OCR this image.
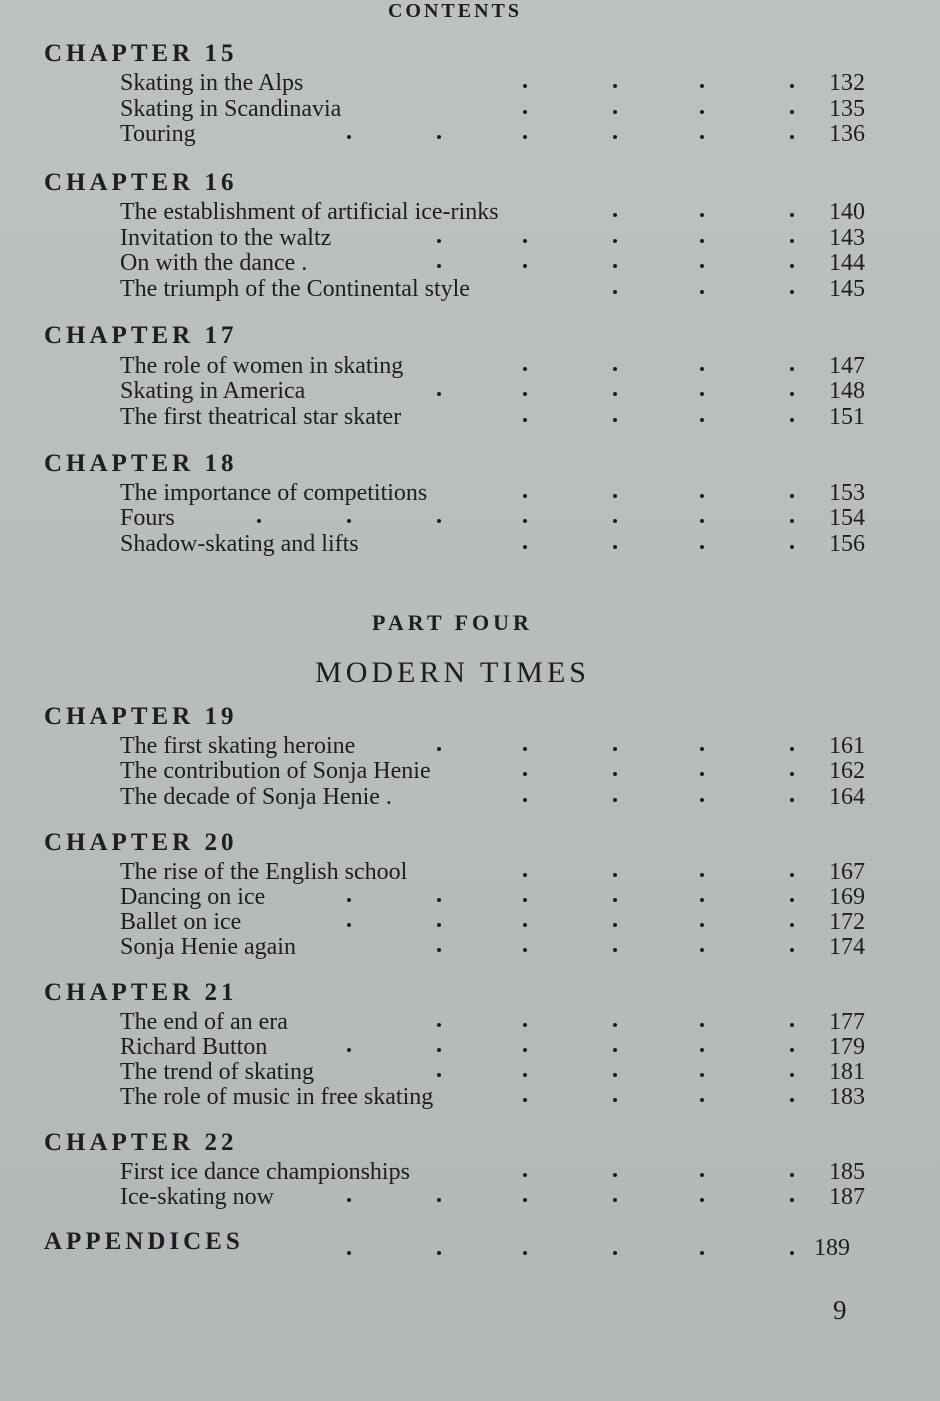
CONTENTS
CHAPTER 15
Skating in the Alps	132
Skating in Scandinavia	135
Touring	136
CHAPTER 16
The establishment of artificial ice-rinks	140
Invitation to the waltz	143
On with the dance .	144
The triumph of the Continental style	145
CHAPTER 17
The role of women in skating	147
Skating in America	148
The first theatrical star skater	151
CHAPTER 18
The importance of competitions	153
Fours	154
Shadow-skating and lifts	156
PART FOUR
MODERN TIMES
CHAPTER 19
The first skating heroine	161
The contribution of Sonja Henie	162
The decade of Sonja Henie .	164
CHAPTER 20
The rise of the English school	167
Dancing on ice	169
Ballet on ice	172
Sonja Henie again	174
CHAPTER 21
The end of an era	177
Richard Button	179
The trend of skating	181
The role of music in free skating	183
CHAPTER 22
First ice dance championships	185
Ice-skating now	187
APPENDICES	189
9
